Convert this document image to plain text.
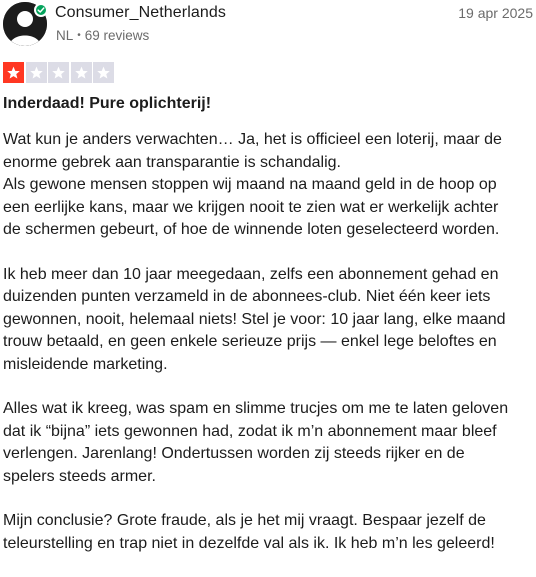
Consumer_Netherlands
NL • 69 reviews
19 apr 2025
Inderdaad! Pure oplichterij!

Wat kun je anders verwachten… Ja, het is officieel een loterij, maar de
enorme gebrek aan transparantie is schandalig.
Als gewone mensen stoppen wij maand na maand geld in de hoop op
een eerlijke kans, maar we krijgen nooit te zien wat er werkelijk achter
de schermen gebeurt, of hoe de winnende loten geselecteerd worden.

Ik heb meer dan 10 jaar meegedaan, zelfs een abonnement gehad en
duizenden punten verzameld in de abonnees-club. Niet één keer iets
gewonnen, nooit, helemaal niets! Stel je voor: 10 jaar lang, elke maand
trouw betaald, en geen enkele serieuze prijs — enkel lege beloftes en
misleidende marketing.

Alles wat ik kreeg, was spam en slimme trucjes om me te laten geloven
dat ik “bijna” iets gewonnen had, zodat ik m’n abonnement maar bleef
verlengen. Jarenlang! Ondertussen worden zij steeds rijker en de
spelers steeds armer.

Mijn conclusie? Grote fraude, als je het mij vraagt. Bespaar jezelf de
teleurstelling en trap niet in dezelfde val als ik. Ik heb m’n les geleerd!
